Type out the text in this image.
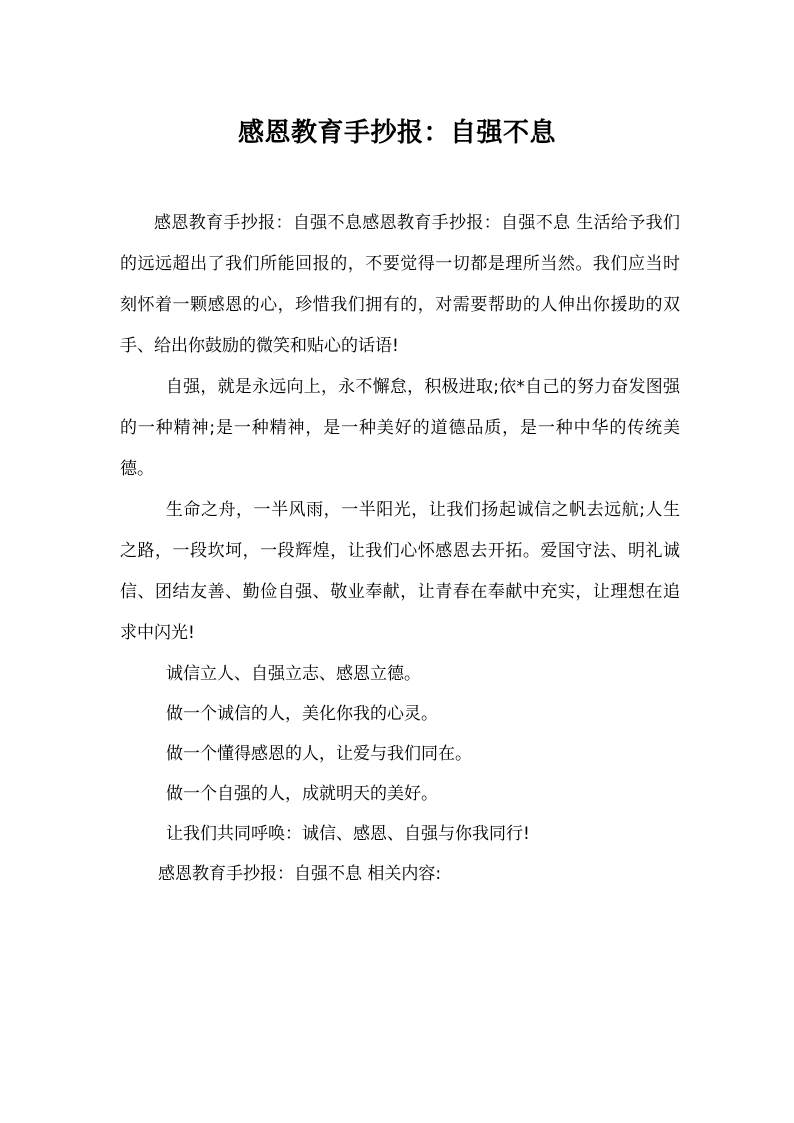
感恩教育手抄报：自强不息

感恩教育手抄报：自强不息感恩教育手抄报：自强不息 生活给予我们的远远超出了我们所能回报的，不要觉得一切都是理所当然。我们应当时刻怀着一颗感恩的心，珍惜我们拥有的，对需要帮助的人伸出你援助的双手、给出你鼓励的微笑和贴心的话语!

自强，就是永远向上，永不懈怠，积极进取;依*自己的努力奋发图强的一种精神;是一种精神，是一种美好的道德品质，是一种中华的传统美德。

生命之舟，一半风雨，一半阳光，让我们扬起诚信之帆去远航;人生之路，一段坎坷，一段辉煌，让我们心怀感恩去开拓。爱国守法、明礼诚信、团结友善、勤俭自强、敬业奉献，让青春在奉献中充实，让理想在追求中闪光!

诚信立人、自强立志、感恩立德。

做一个诚信的人，美化你我的心灵。

做一个懂得感恩的人，让爱与我们同在。

做一个自强的人，成就明天的美好。

让我们共同呼唤：诚信、感恩、自强与你我同行!

感恩教育手抄报：自强不息 相关内容:
